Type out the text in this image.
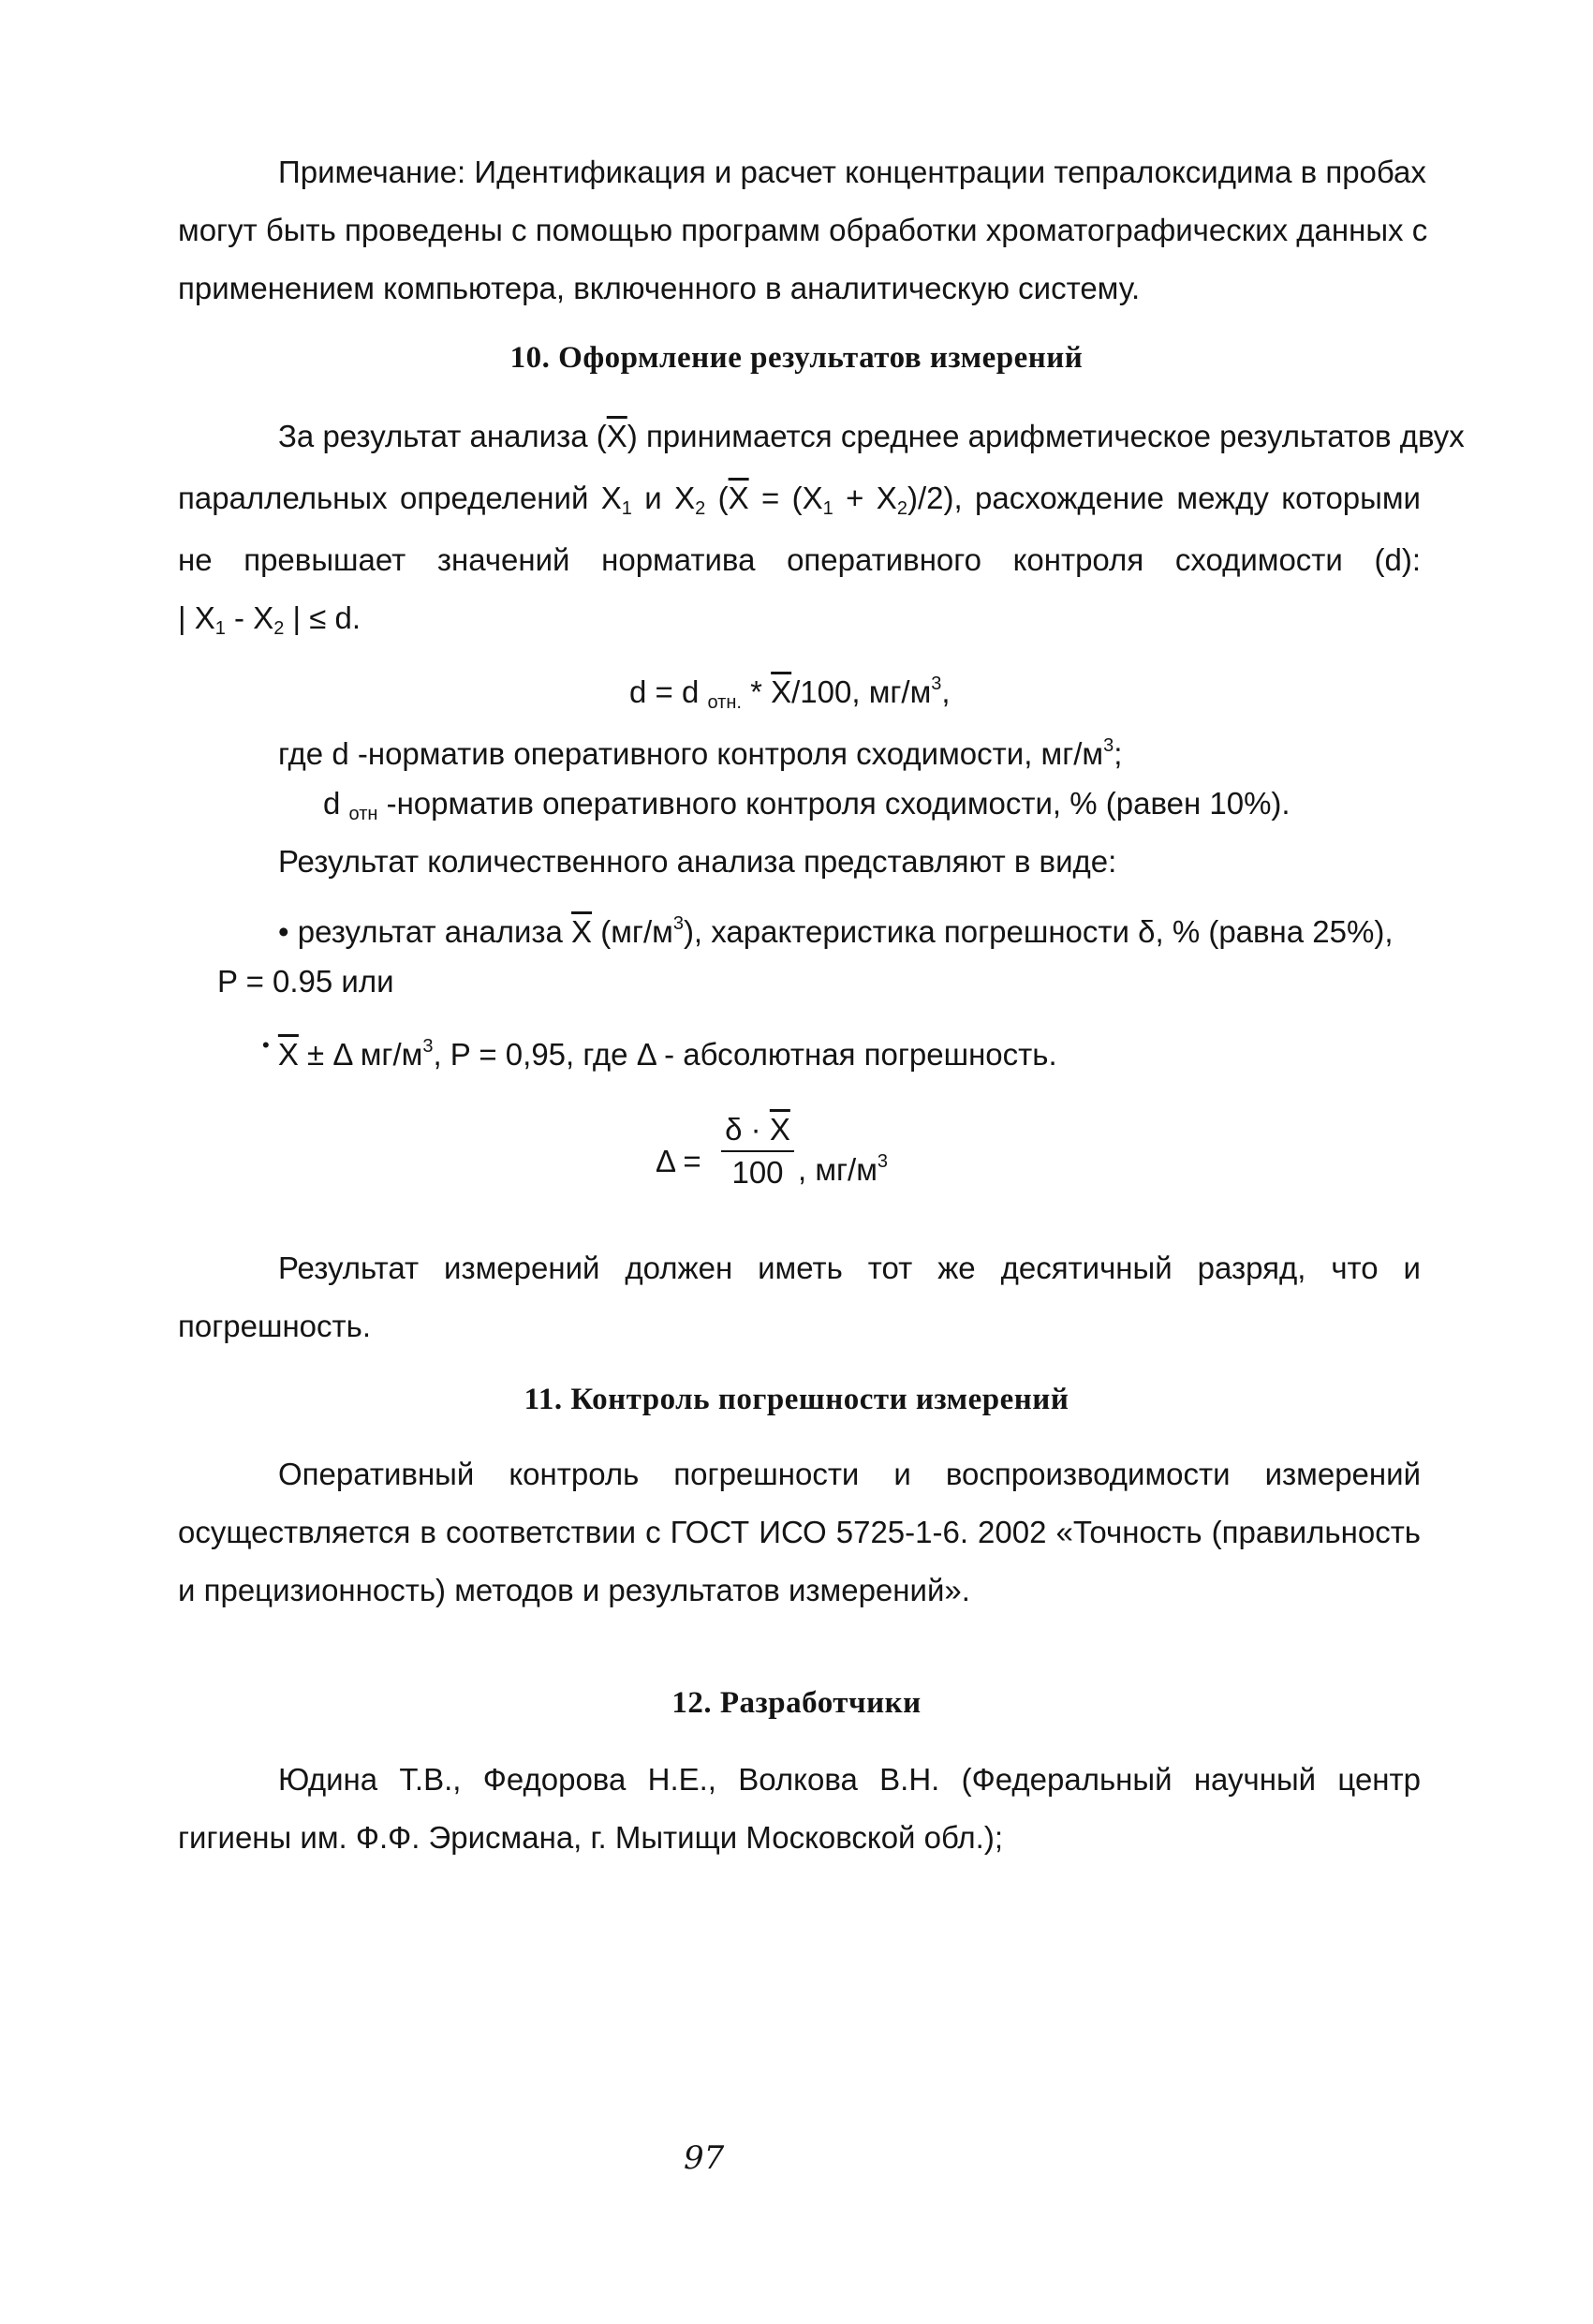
Примечание: Идентификация и расчет концентрации тепралоксидима в пробах
могут быть проведены с помощью программ обработки хроматографических данных с
применением компьютера, включенного в аналитическую систему.
10. Оформление результатов измерений
За результат анализа $(\overline{X})$ принимается среднее арифметическое результатов двух
параллельных определений $X_1$ и $X_2$ $(\overline{X} = (X_1 + X_2)/2)$, расхождение между которыми
не превышает значений норматива оперативного контроля сходимости (d):
| $X_1 - X_2$ | ≤ d.
d = d отн. * $\overline{X}/100$, $мг/м^3$,
где d -норматив оперативного контроля сходимости, $мг/м^3$;
d отн -норматив оперативного контроля сходимости, % (равен 10%).
Результат количественного анализа представляют в виде:
• результат анализа $\overline{X}$ $(мг/м^3)$, характеристика погрешности δ, % (равна 25%),
P = 0.95 или
• $\overline{X} \pm \Delta$ $мг/м^3$, P = 0,95, где Δ - абсолютная погрешность.
Δ =
$\delta \cdot \overline{X}$
100 , $мг/м^3$
Результат измерений должен иметь тот же десятичный разряд, что и
погрешность.
11. Контроль погрешности измерений
Оперативный контроль погрешности и воспроизводимости измерений
осуществляется в соответствии с ГОСТ ИСО 5725-1-6. 2002 «Точность (правильность
и прецизионность) методов и результатов измерений».
12. Разработчики
Юдина Т.В., Федорова Н.Е., Волкова В.Н. (Федеральный научный центр
гигиены им. Ф.Ф. Эрисмана, г. Мытищи Московской обл.);
97
